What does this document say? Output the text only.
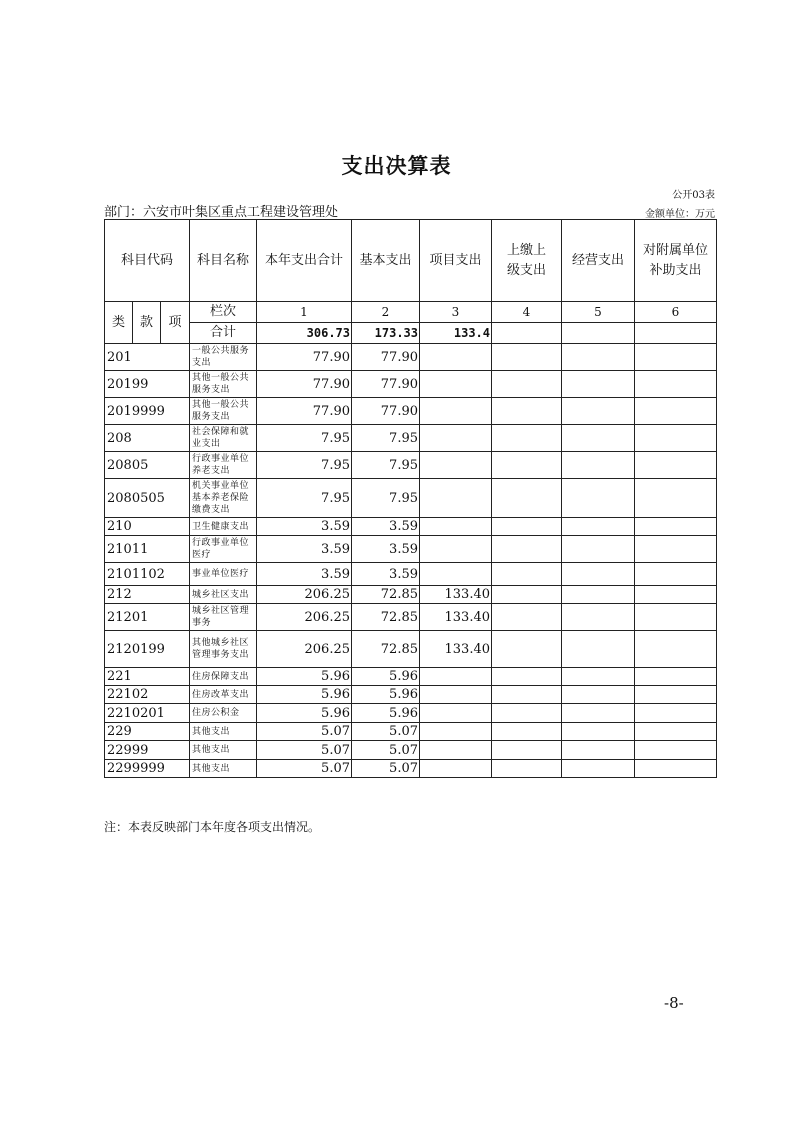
支出决算表
公开03表
部门：六安市叶集区重点工程建设管理处	金额单位：万元
科目代码			科目名称	本年支出合计	基本支出	项目支出	上缴上级支出	经营支出	对附属单位补助支出
类	款	项	栏次	1	2	3	4	5	6
			合计	306.73	173.33	133.4			
201			一般公共服务支出	77.90	77.90				
20199			其他一般公共服务支出	77.90	77.90				
2019999			其他一般公共服务支出	77.90	77.90				
208			社会保障和就业支出	7.95	7.95				
20805			行政事业单位养老支出	7.95	7.95				
2080505			机关事业单位基本养老保险缴费支出	7.95	7.95				
210			卫生健康支出	3.59	3.59				
21011			行政事业单位医疗	3.59	3.59				
2101102			事业单位医疗	3.59	3.59				
212			城乡社区支出	206.25	72.85	133.40			
21201			城乡社区管理事务	206.25	72.85	133.40			
2120199			其他城乡社区管理事务支出	206.25	72.85	133.40			
221			住房保障支出	5.96	5.96				
22102			住房改革支出	5.96	5.96				
2210201			住房公积金	5.96	5.96				
229			其他支出	5.07	5.07				
22999			其他支出	5.07	5.07				
2299999			其他支出	5.07	5.07				
注：本表反映部门本年度各项支出情况。
-8-
